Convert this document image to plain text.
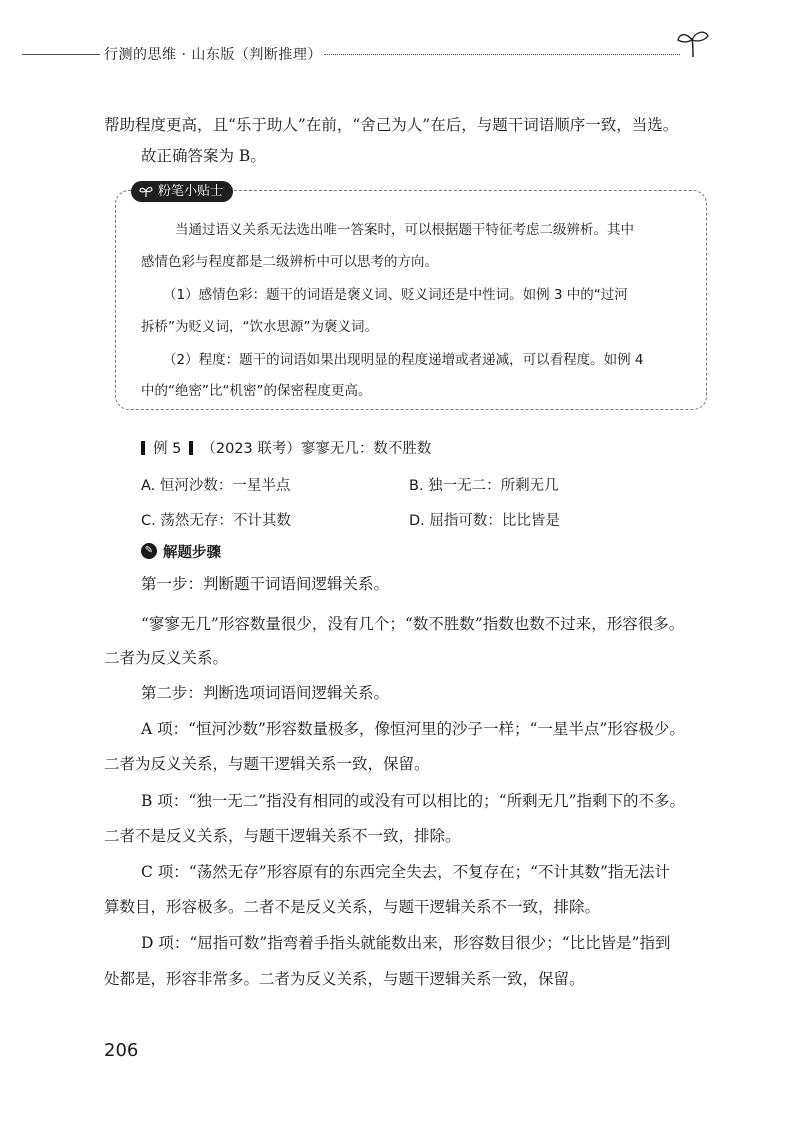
行测的思维 · 山东版（判断推理）
帮助程度更高，且“乐于助人”在前，“舍己为人”在后，与题干词语顺序一致，当选。
故正确答案为 B。
粉笔小贴士
当通过语义关系无法选出唯一答案时，可以根据题干特征考虑二级辨析。其中
感情色彩与程度都是二级辨析中可以思考的方向。
（1）感情色彩：题干的词语是褒义词、贬义词还是中性词。如例 3 中的“过河
拆桥”为贬义词，“饮水思源”为褒义词。
（2）程度：题干的词语如果出现明显的程度递增或者递减，可以看程度。如例 4
中的“绝密”比“机密”的保密程度更高。
例 5 （2023 联考） 寥寥无几：数不胜数
A. 恒河沙数：一星半点	B. 独一无二：所剩无几
C. 荡然无存：不计其数	D. 屈指可数：比比皆是
✎ 解题步骤
第一步：判断题干词语间逻辑关系。
“寥寥无几”形容数量很少，没有几个；“数不胜数”指数也数不过来，形容很多。
二者为反义关系。
第二步：判断选项词语间逻辑关系。
A 项：“恒河沙数”形容数量极多，像恒河里的沙子一样；“一星半点”形容极少。
二者为反义关系，与题干逻辑关系一致，保留。
B 项：“独一无二”指没有相同的或没有可以相比的；“所剩无几”指剩下的不多。
二者不是反义关系，与题干逻辑关系不一致，排除。
C 项：“荡然无存”形容原有的东西完全失去，不复存在；“不计其数”指无法计
算数目，形容极多。二者不是反义关系，与题干逻辑关系不一致，排除。
D 项：“屈指可数”指弯着手指头就能数出来，形容数目很少；“比比皆是”指到
处都是，形容非常多。二者为反义关系，与题干逻辑关系一致，保留。
206
